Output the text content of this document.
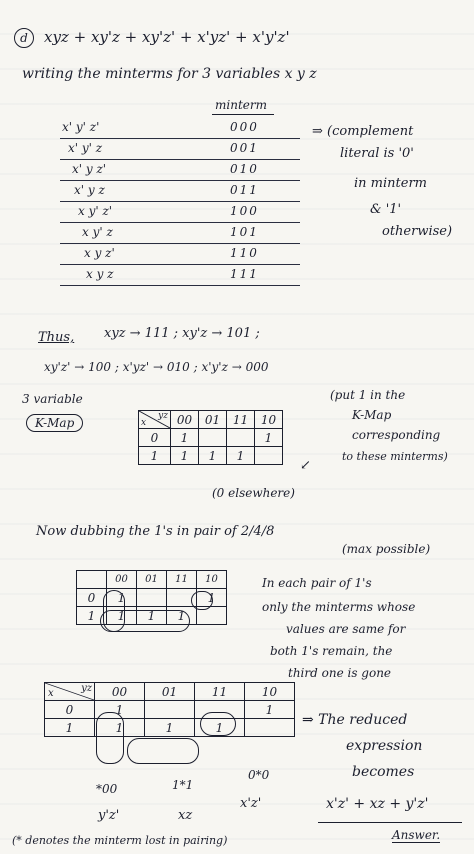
d	xyz + xy'z + xy'z' + x'yz' + x'y'z'
writing the minterms for 3 variables x y z
minterm
x' y' z'	000
x' y' z	001
x' y z'	010
x' y z	011
x y' z'	100
x y' z	101
x y z'	110
x y z	111
⇒ (complement
literal is '0'
in minterm
& '1'
otherwise)
Thus, xyz → 111 ; xy'z → 101 ;
xy'z' → 100 ; x'yz' → 010 ; x'y'z → 000
3 variable
K-Map	yz
x	00	01	11	10
0	1			1
1	1	1	1	
(put 1 in the
K-Map
corresponding
to these minterms)
↙
(0 elsewhere)
Now dubbing the 1's in pair of 2/4/8
(max possible)
	00	01	11	10
0	1			1
1	1	1	1	
In each pair of 1's
only the minterms whose
values are same for
both 1's remain, the
third one is gone
yz
x	00	01	11	10
0	1			1
1	1	1	1	
*00
y'z'
1*1
xz
0*0
x'z'
(* denotes the minterm lost in pairing)
⇒ The reduced
expression
becomes
x'z' + xz + y'z'
Answer.
